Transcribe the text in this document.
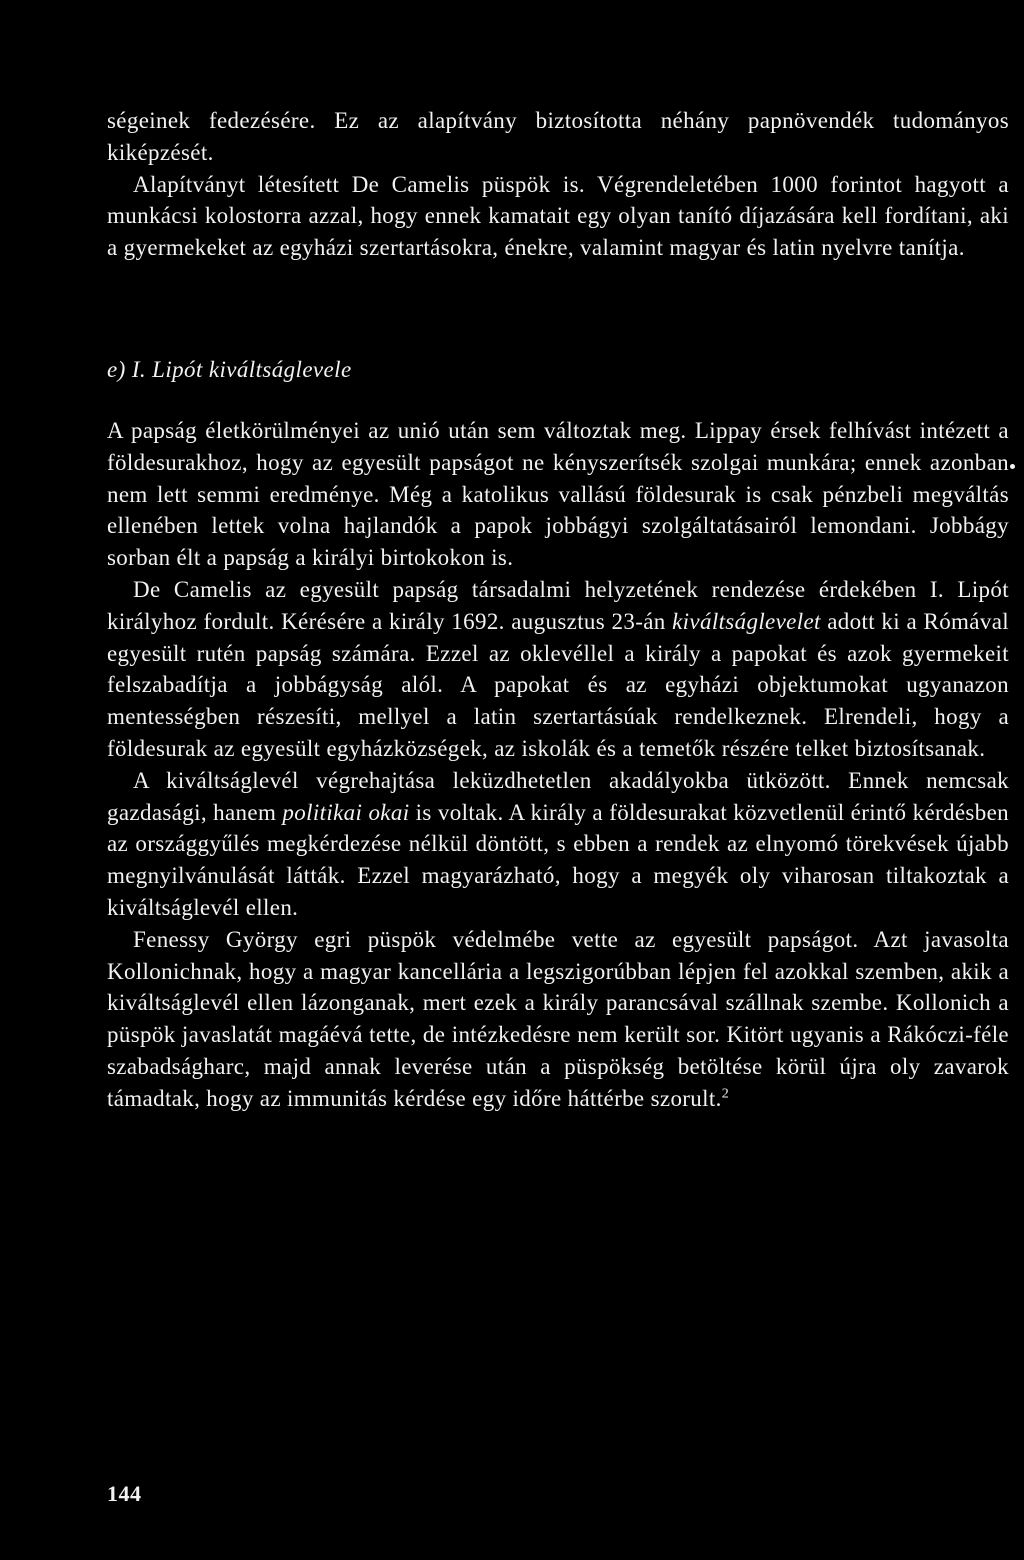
ségeinek fedezésére. Ez az alapítvány biztosította néhány papnövendék tudományos kiképzését.

Alapítványt létesített De Camelis püspök is. Végrendeletében 1000 forintot hagyott a munkácsi kolostorra azzal, hogy ennek kamatait egy olyan tanító díjazására kell fordítani, aki a gyermekeket az egyházi szertartásokra, énekre, valamint magyar és latin nyelvre tanítja.

e) I. Lipót kiváltságlevele

A papság életkörülményei az unió után sem változtak meg. Lippay érsek felhívást intézett a földesurakhoz, hogy az egyesült papságot ne kényszerítsék szolgai munkára; ennek azonban nem lett semmi eredménye. Még a katolikus vallású földesurak is csak pénzbeli megváltás ellenében lettek volna hajlandók a papok jobbágyi szolgáltatásairól lemondani. Jobbágy sorban élt a papság a királyi birtokokon is.

De Camelis az egyesült papság társadalmi helyzetének rendezése érdekében I. Lipót királyhoz fordult. Kérésére a király 1692. augusztus 23-án kiváltságlevelet adott ki a Rómával egyesült rutén papság számára. Ezzel az oklevéllel a király a papokat és azok gyermekeit felszabadítja a jobbágyság alól. A papokat és az egyházi objektumokat ugyanazon mentességben részesíti, mellyel a latin szertartásúak rendelkeznek. Elrendeli, hogy a földesurak az egyesült egyházközségek, az iskolák és a temetők részére telket biztosítsanak.

A kiváltságlevél végrehajtása leküzdhetetlen akadályokba ütközött. Ennek nemcsak gazdasági, hanem politikai okai is voltak. A király a földesurakat közvetlenül érintő kérdésben az országgyűlés megkérdezése nélkül döntött, s ebben a rendek az elnyomó törekvések újabb megnyilvánulását látták. Ezzel magyarázható, hogy a megyék oly viharosan tiltakoztak a kiváltságlevél ellen.

Fenessy György egri püspök védelmébe vette az egyesült papságot. Azt javasolta Kollonichnak, hogy a magyar kancellária a legszigorúbban lépjen fel azokkal szemben, akik a kiváltságlevél ellen lázonganak, mert ezek a király parancsával szállnak szembe. Kollonich a püspök javaslatát magáévá tette, de intézkedésre nem került sor. Kitört ugyanis a Rákóczi-féle szabadságharc, majd annak leverése után a püspökség betöltése körül újra oly zavarok támadtak, hogy az immunitás kérdése egy időre háttérbe szorult.$^2$

144
